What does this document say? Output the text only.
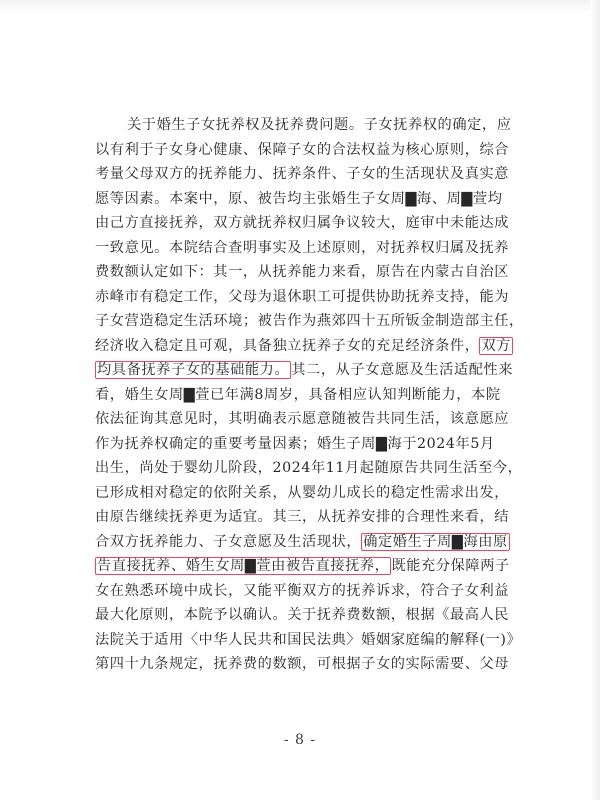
关于婚生子女抚养权及抚养费问题。子女抚养权的确定，应
以有利于子女身心健康、保障子女的合法权益为核心原则，综合
考量父母双方的抚养能力、抚养条件、子女的生活现状及真实意
愿等因素。本案中，原、被告均主张婚生子女周▇海、周▇萱均
由己方直接抚养，双方就抚养权归属争议较大，庭审中未能达成
一致意见。本院结合查明事实及上述原则，对抚养权归属及抚养
费数额认定如下：其一，从抚养能力来看，原告在内蒙古自治区
赤峰市有稳定工作，父母为退休职工可提供协助抚养支持，能为
子女营造稳定生活环境；被告作为燕郊四十五所钣金制造部主任，
经济收入稳定且可观，具备独立抚养子女的充足经济条件， 双方
均具备抚养子女的基础能力。 其二，从子女意愿及生活适配性来
看，婚生女周▇萱已年满8周岁，具备相应认知判断能力，本院
依法征询其意见时，其明确表示愿意随被告共同生活，该意愿应
作为抚养权确定的重要考量因素；婚生子周▇海于2024年5月
出生，尚处于婴幼儿阶段，2024年11月起随原告共同生活至今，
已形成相对稳定的依附关系，从婴幼儿成长的稳定性需求出发，
由原告继续抚养更为适宜。其三，从抚养安排的合理性来看，结
合双方抚养能力、子女意愿及生活现状， 确定婚生子周▇海由原
告直接抚养、婚生女周▇萱由被告直接抚养， 既能充分保障两子
女在熟悉环境中成长，又能平衡双方的抚养诉求，符合子女利益
最大化原则，本院予以确认。关于抚养费数额，根据《最高人民
法院关于适用〈中华人民共和国民法典〉婚姻家庭编的解释(一)》
第四十九条规定，抚养费的数额，可根据子女的实际需要、父母
- 8 -
